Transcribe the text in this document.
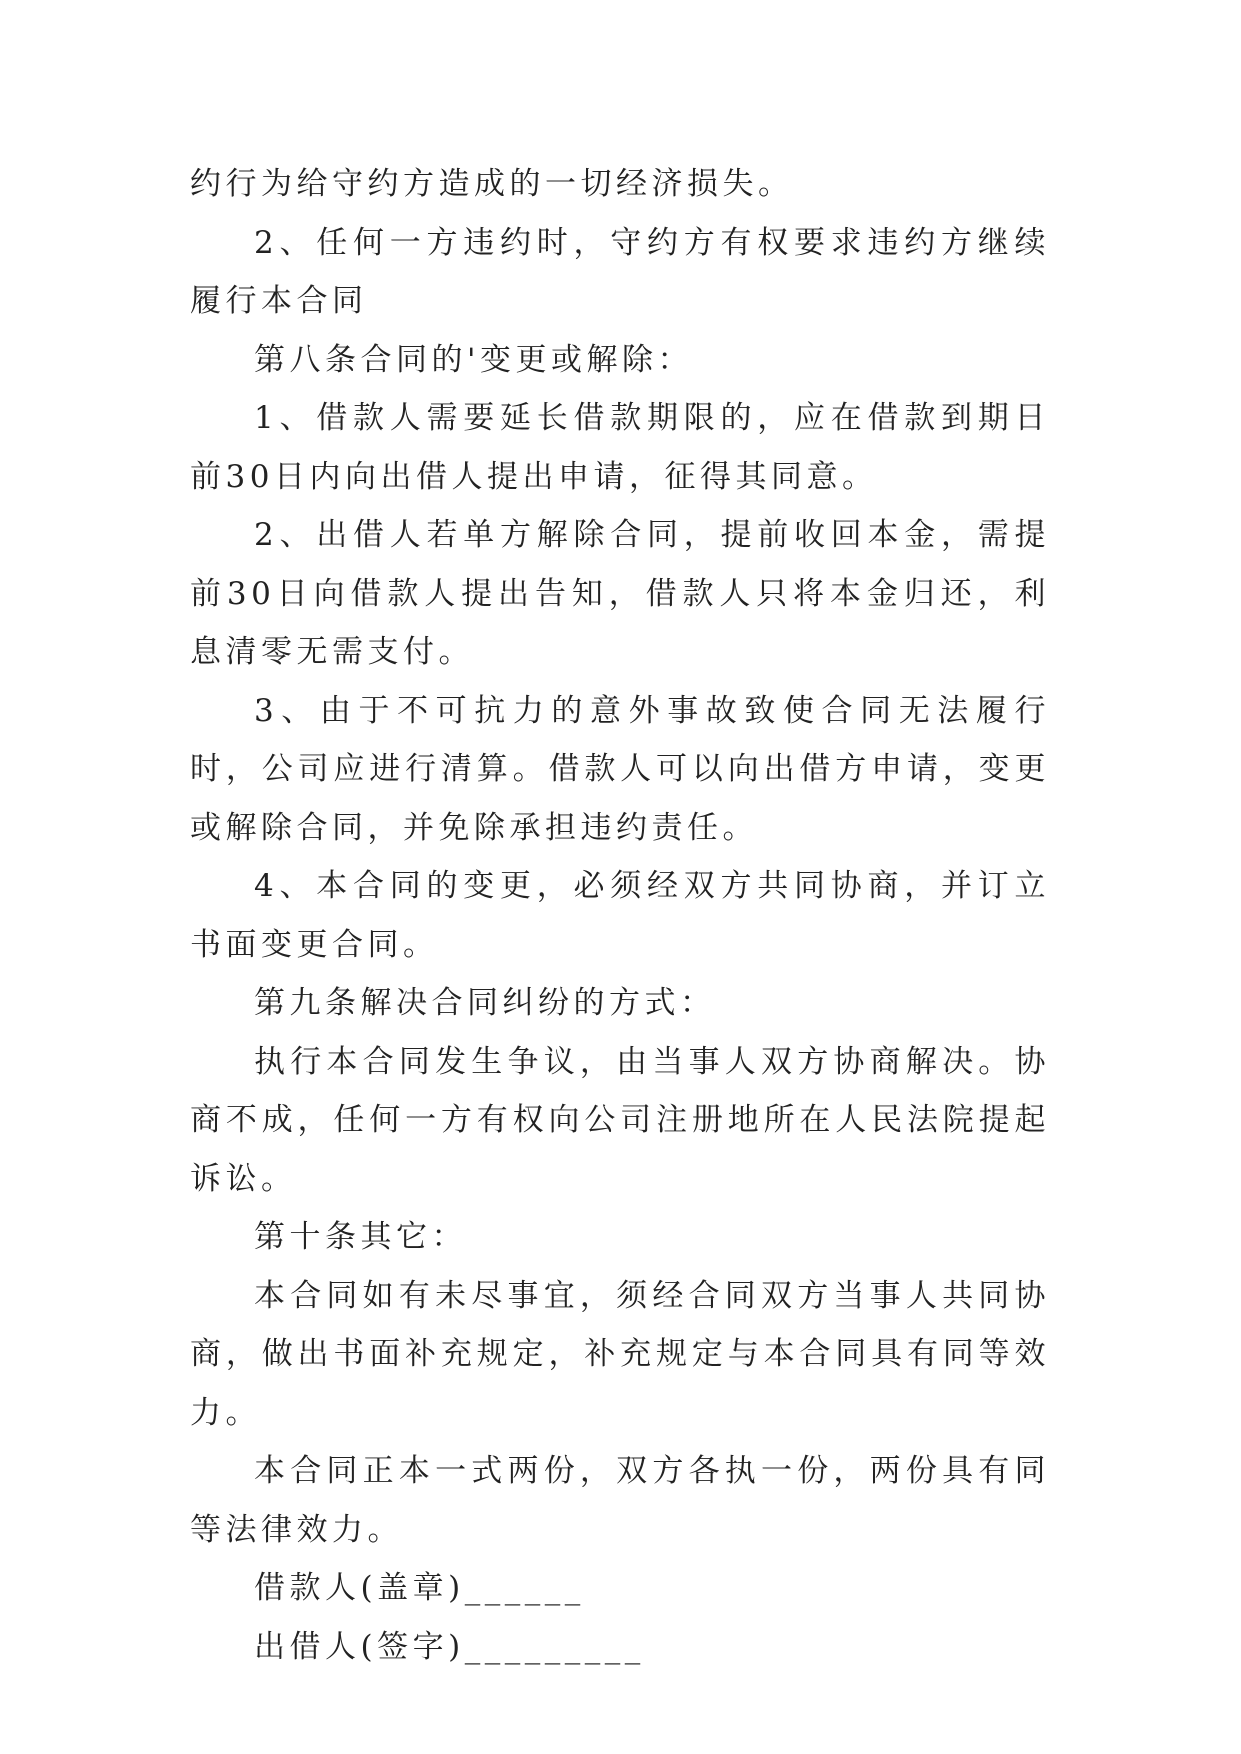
约行为给守约方造成的一切经济损失。

2、任何一方违约时，守约方有权要求违约方继续履行本合同

第八条合同的'变更或解除：

1、借款人需要延长借款期限的，应在借款到期日前30日内向出借人提出申请，征得其同意。

2、出借人若单方解除合同，提前收回本金，需提前30日向借款人提出告知，借款人只将本金归还，利息清零无需支付。

3、由于不可抗力的意外事故致使合同无法履行时，公司应进行清算。借款人可以向出借方申请，变更或解除合同，并免除承担违约责任。

4、本合同的变更，必须经双方共同协商，并订立书面变更合同。

第九条解决合同纠纷的方式：

执行本合同发生争议，由当事人双方协商解决。协商不成，任何一方有权向公司注册地所在人民法院提起诉讼。

第十条其它：

本合同如有未尽事宜，须经合同双方当事人共同协商，做出书面补充规定，补充规定与本合同具有同等效力。

本合同正本一式两份，双方各执一份，两份具有同等法律效力。

借款人(盖章)______

出借人(签字)_________
